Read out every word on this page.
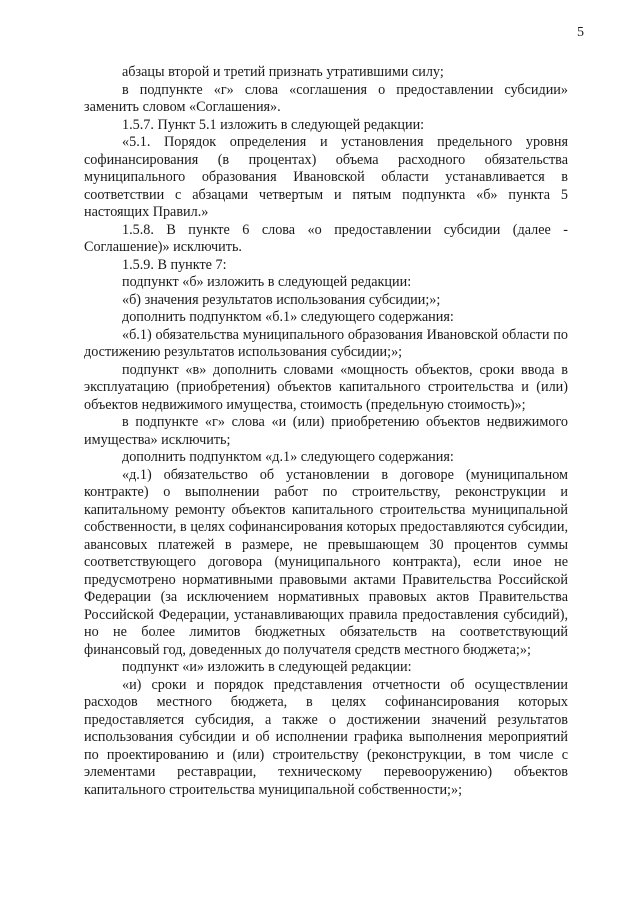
5

абзацы второй и третий признать утратившими силу;

в подпункте «г» слова «соглашения о предоставлении субсидии» заменить словом «Соглашения».

1.5.7. Пункт 5.1 изложить в следующей редакции:

«5.1. Порядок определения и установления предельного уровня софинансирования (в процентах) объема расходного обязательства муниципального образования Ивановской области устанавливается в соответствии с абзацами четвертым и пятым подпункта «б» пункта 5 настоящих Правил.»

1.5.8. В пункте 6 слова «о предоставлении субсидии (далее - Соглашение)» исключить.

1.5.9. В пункте 7:

подпункт «б» изложить в следующей редакции:

«б) значения результатов использования субсидии;»;

дополнить подпунктом «б.1» следующего содержания:

«б.1) обязательства муниципального образования Ивановской области по достижению результатов использования субсидии;»;

подпункт «в» дополнить словами «мощность объектов, сроки ввода в эксплуатацию (приобретения) объектов капитального строительства и (или) объектов недвижимого имущества, стоимость (предельную стоимость)»;

в подпункте «г» слова «и (или) приобретению объектов недвижимого имущества» исключить;

дополнить подпунктом «д.1» следующего содержания:

«д.1) обязательство об установлении в договоре (муниципальном контракте) о выполнении работ по строительству, реконструкции и капитальному ремонту объектов капитального строительства муниципальной собственности, в целях софинансирования которых предоставляются субсидии, авансовых платежей в размере, не превышающем 30 процентов суммы соответствующего договора (муниципального контракта), если иное не предусмотрено нормативными правовыми актами Правительства Российской Федерации (за исключением нормативных правовых актов Правительства Российской Федерации, устанавливающих правила предоставления субсидий), но не более лимитов бюджетных обязательств на соответствующий финансовый год, доведенных до получателя средств местного бюджета;»;

подпункт «и» изложить в следующей редакции:

«и) сроки и порядок представления отчетности об осуществлении расходов местного бюджета, в целях софинансирования которых предоставляется субсидия, а также о достижении значений результатов использования субсидии и об исполнении графика выполнения мероприятий по проектированию и (или) строительству (реконструкции, в том числе с элементами реставрации, техническому перевооружению) объектов капитального строительства муниципальной собственности;»;
